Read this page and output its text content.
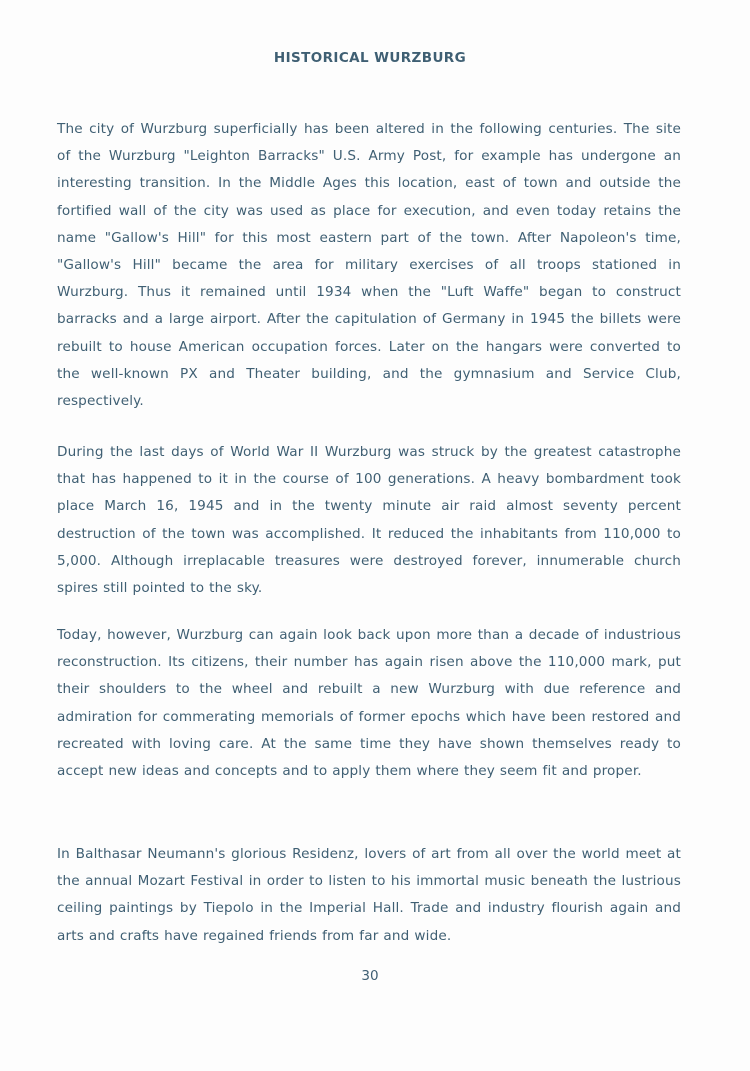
HISTORICAL WURZBURG

The city of Wurzburg superficially has been altered in the following centuries. The site of the Wurzburg "Leighton Barracks" U.S. Army Post, for example has undergone an interesting transition. In the Middle Ages this location, east of town and outside the fortified wall of the city was used as place for execution, and even today retains the name "Gallow's Hill" for this most eastern part of the town. After Napoleon's time, "Gallow's Hill" became the area for military exercises of all troops stationed in Wurzburg. Thus it remained until 1934 when the "Luft Waffe" began to construct barracks and a large airport. After the capitulation of Germany in 1945 the billets were rebuilt to house American occupation forces. Later on the hangars were converted to the well-known PX and Theater building, and the gymnasium and Service Club, respectively.

During the last days of World War II Wurzburg was struck by the greatest catastrophe that has happened to it in the course of 100 generations. A heavy bombardment took place March 16, 1945 and in the twenty minute air raid almost seventy percent destruction of the town was accomplished. It reduced the inhabitants from 110,000 to 5,000. Although irreplacable treasures were destroyed forever, innumerable church spires still pointed to the sky.

Today, however, Wurzburg can again look back upon more than a decade of industrious reconstruction. Its citizens, their number has again risen above the 110,000 mark, put their shoulders to the wheel and rebuilt a new Wurzburg with due reference and admiration for commerating memorials of former epochs which have been restored and recreated with loving care. At the same time they have shown themselves ready to accept new ideas and concepts and to apply them where they seem fit and proper.

In Balthasar Neumann's glorious Residenz, lovers of art from all over the world meet at the annual Mozart Festival in order to listen to his immortal music beneath the lustrious ceiling paintings by Tiepolo in the Imperial Hall. Trade and industry flourish again and arts and crafts have regained friends from far and wide.

30
